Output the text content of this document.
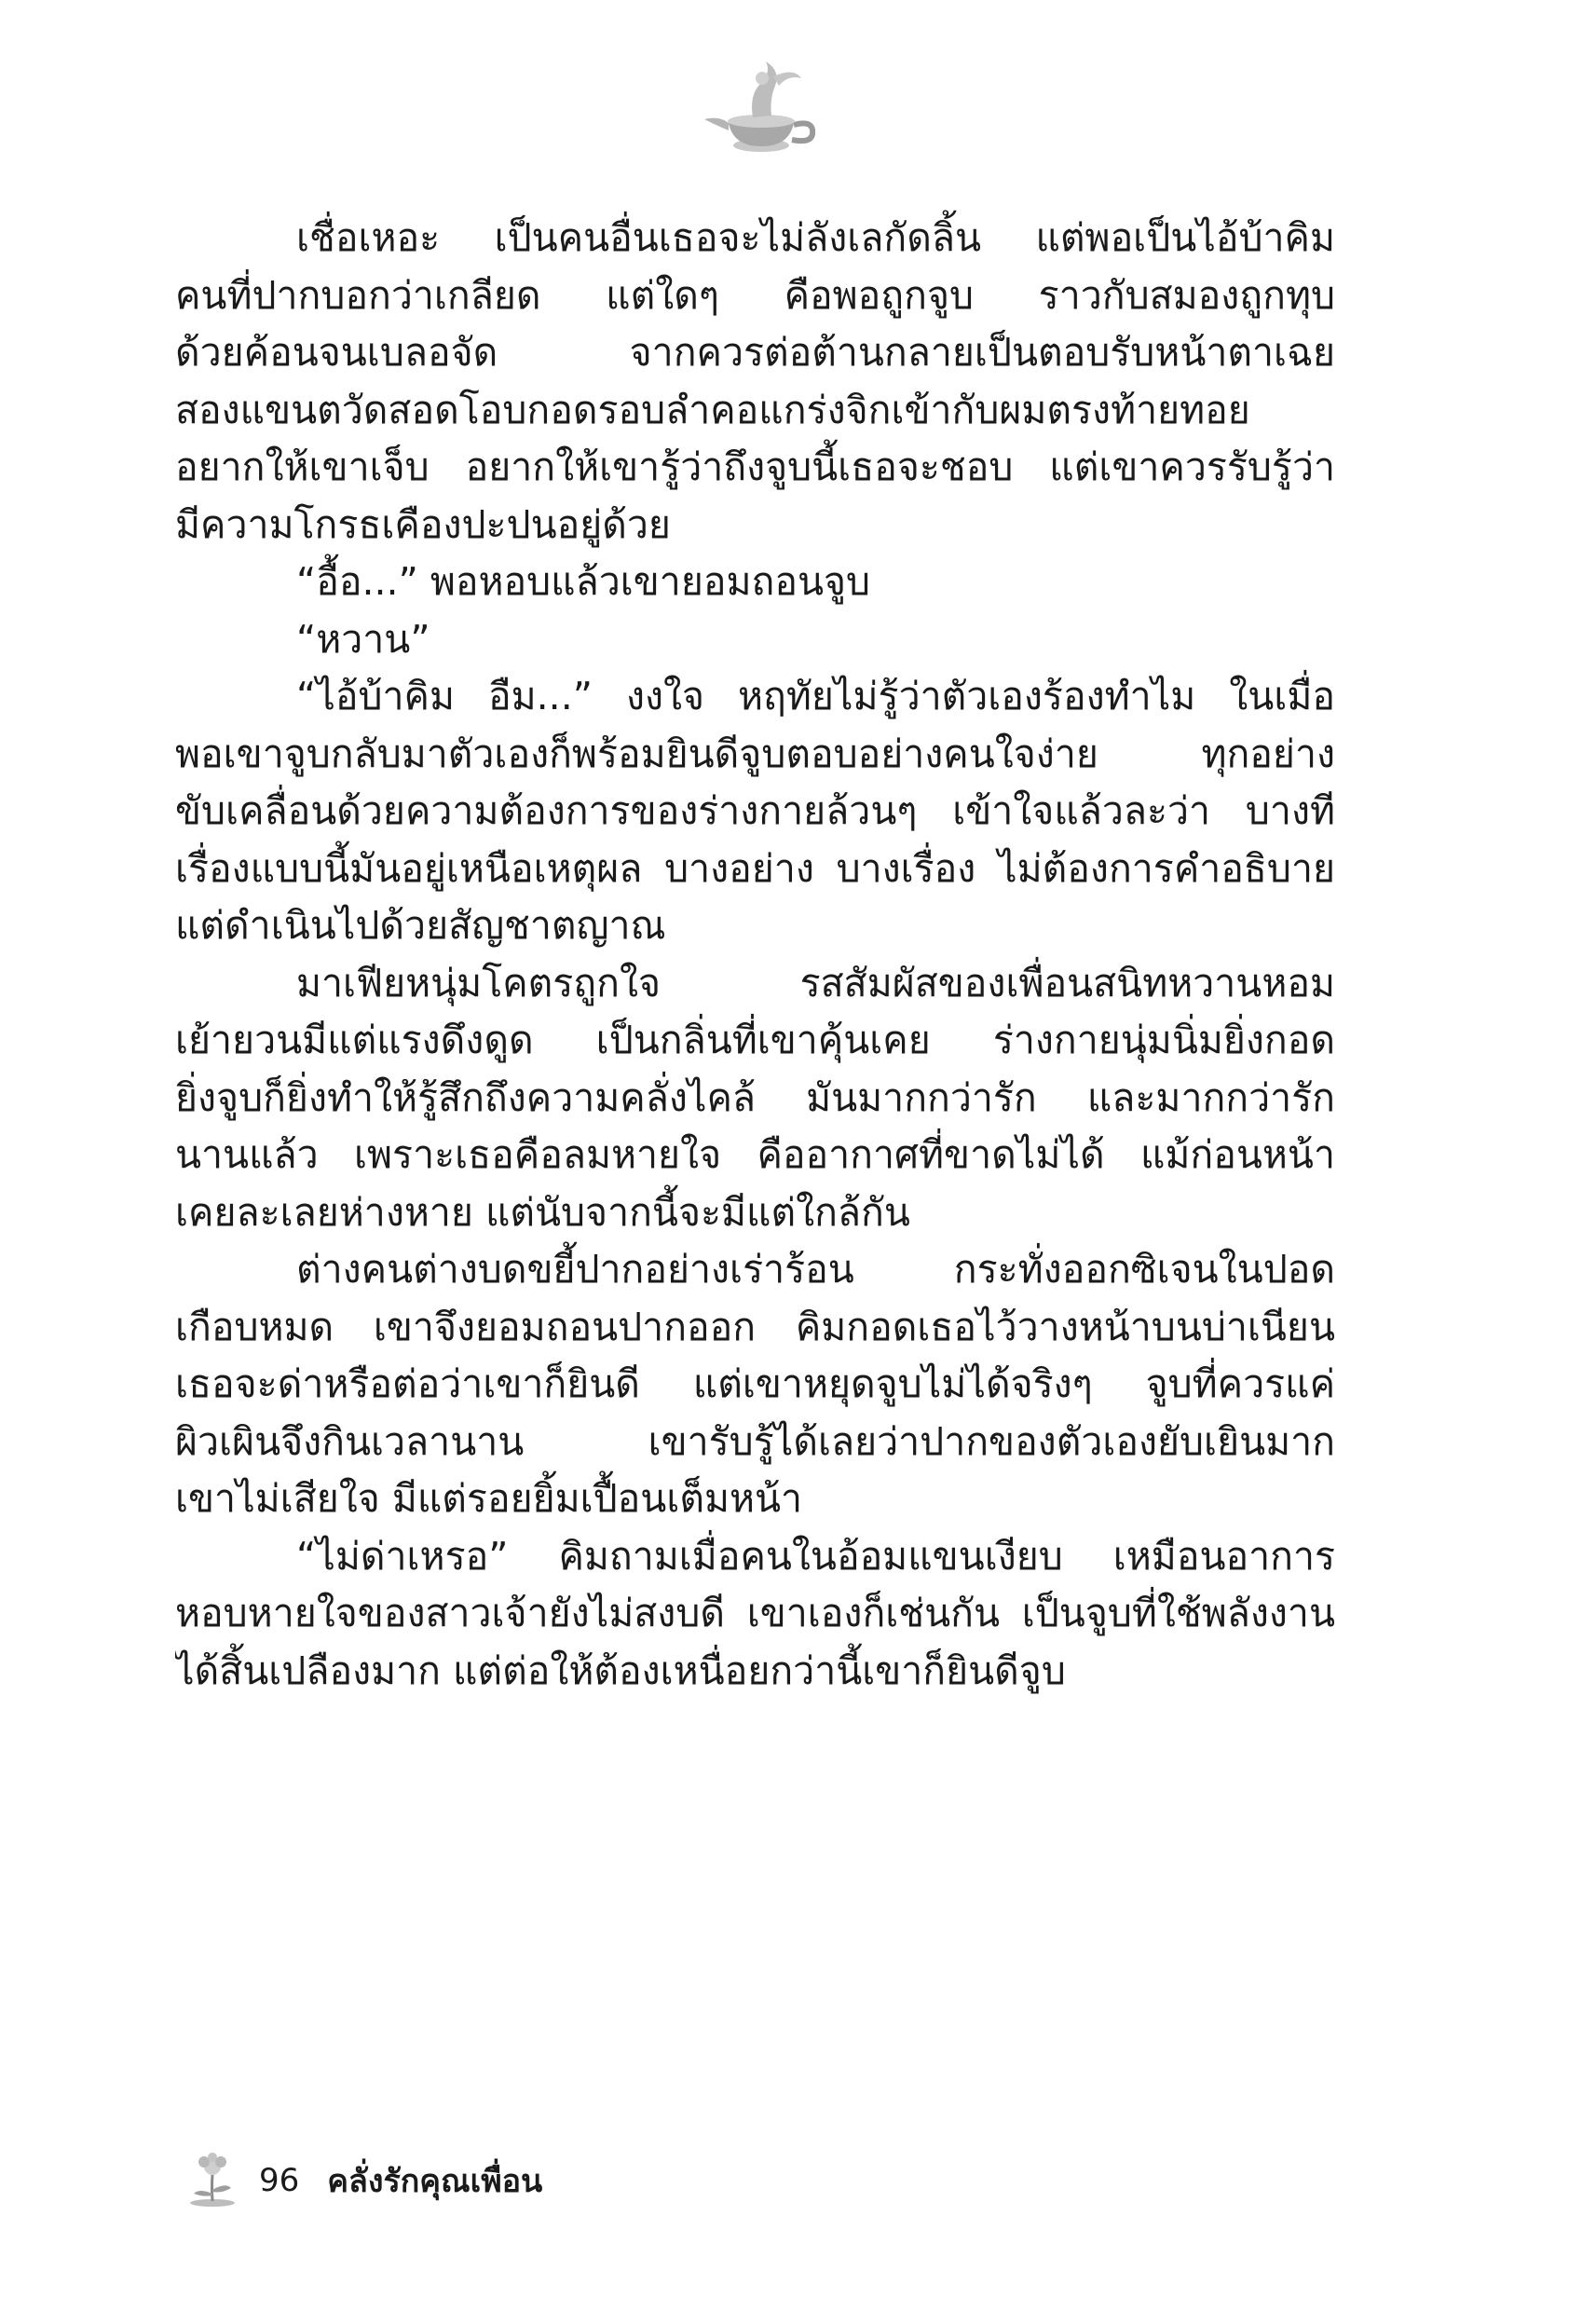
เชื่อเหอะ เป็นคนอื่นเธอจะไม่ลังเลกัดลิ้น แต่พอเป็นไอ้บ้าคิม
คนที่ปากบอกว่าเกลียด แต่ใดๆ คือพอถูกจูบ ราวกับสมองถูกทุบ
ด้วยค้อนจนเบลอจัด จากควรต่อต้านกลายเป็นตอบรับหน้าตาเฉย
สองแขนตวัดสอดโอบกอดรอบลำคอแกร่งจิกเข้ากับผมตรงท้ายทอย
อยากให้เขาเจ็บ อยากให้เขารู้ว่าถึงจูบนี้เธอจะชอบ แต่เขาควรรับรู้ว่า
มีความโกรธเคืองปะปนอยู่ด้วย

“อื้อ...” พอหอบแล้วเขายอมถอนจูบ

“หวาน”

“ไอ้บ้าคิม อืม...” งงใจ หฤทัยไม่รู้ว่าตัวเองร้องทำไม ในเมื่อ
พอเขาจูบกลับมาตัวเองก็พร้อมยินดีจูบตอบอย่างคนใจง่าย ทุกอย่าง
ขับเคลื่อนด้วยความต้องการของร่างกายล้วนๆ เข้าใจแล้วละว่า บางที
เรื่องแบบนี้มันอยู่เหนือเหตุผล บางอย่าง บางเรื่อง ไม่ต้องการคำอธิบาย
แต่ดำเนินไปด้วยสัญชาตญาณ

มาเฟียหนุ่มโคตรถูกใจ รสสัมผัสของเพื่อนสนิทหวานหอม
เย้ายวนมีแต่แรงดึงดูด เป็นกลิ่นที่เขาคุ้นเคย ร่างกายนุ่มนิ่มยิ่งกอด
ยิ่งจูบก็ยิ่งทำให้รู้สึกถึงความคลั่งไคล้ มันมากกว่ารัก และมากกว่ารัก
นานแล้ว เพราะเธอคือลมหายใจ คืออากาศที่ขาดไม่ได้ แม้ก่อนหน้า
เคยละเลยห่างหาย แต่นับจากนี้จะมีแต่ใกล้กัน

ต่างคนต่างบดขยี้ปากอย่างเร่าร้อน กระทั่งออกซิเจนในปอด
เกือบหมด เขาจึงยอมถอนปากออก คิมกอดเธอไว้วางหน้าบนบ่าเนียน
เธอจะด่าหรือต่อว่าเขาก็ยินดี แต่เขาหยุดจูบไม่ได้จริงๆ จูบที่ควรแค่
ผิวเผินจึงกินเวลานาน เขารับรู้ได้เลยว่าปากของตัวเองยับเยินมาก
เขาไม่เสียใจ มีแต่รอยยิ้มเปื้อนเต็มหน้า

“ไม่ด่าเหรอ” คิมถามเมื่อคนในอ้อมแขนเงียบ เหมือนอาการ
หอบหายใจของสาวเจ้ายังไม่สงบดี เขาเองก็เช่นกัน เป็นจูบที่ใช้พลังงาน
ได้สิ้นเปลืองมาก แต่ต่อให้ต้องเหนื่อยกว่านี้เขาก็ยินดีจูบ

96 คลั่งรักคุณเพื่อน
